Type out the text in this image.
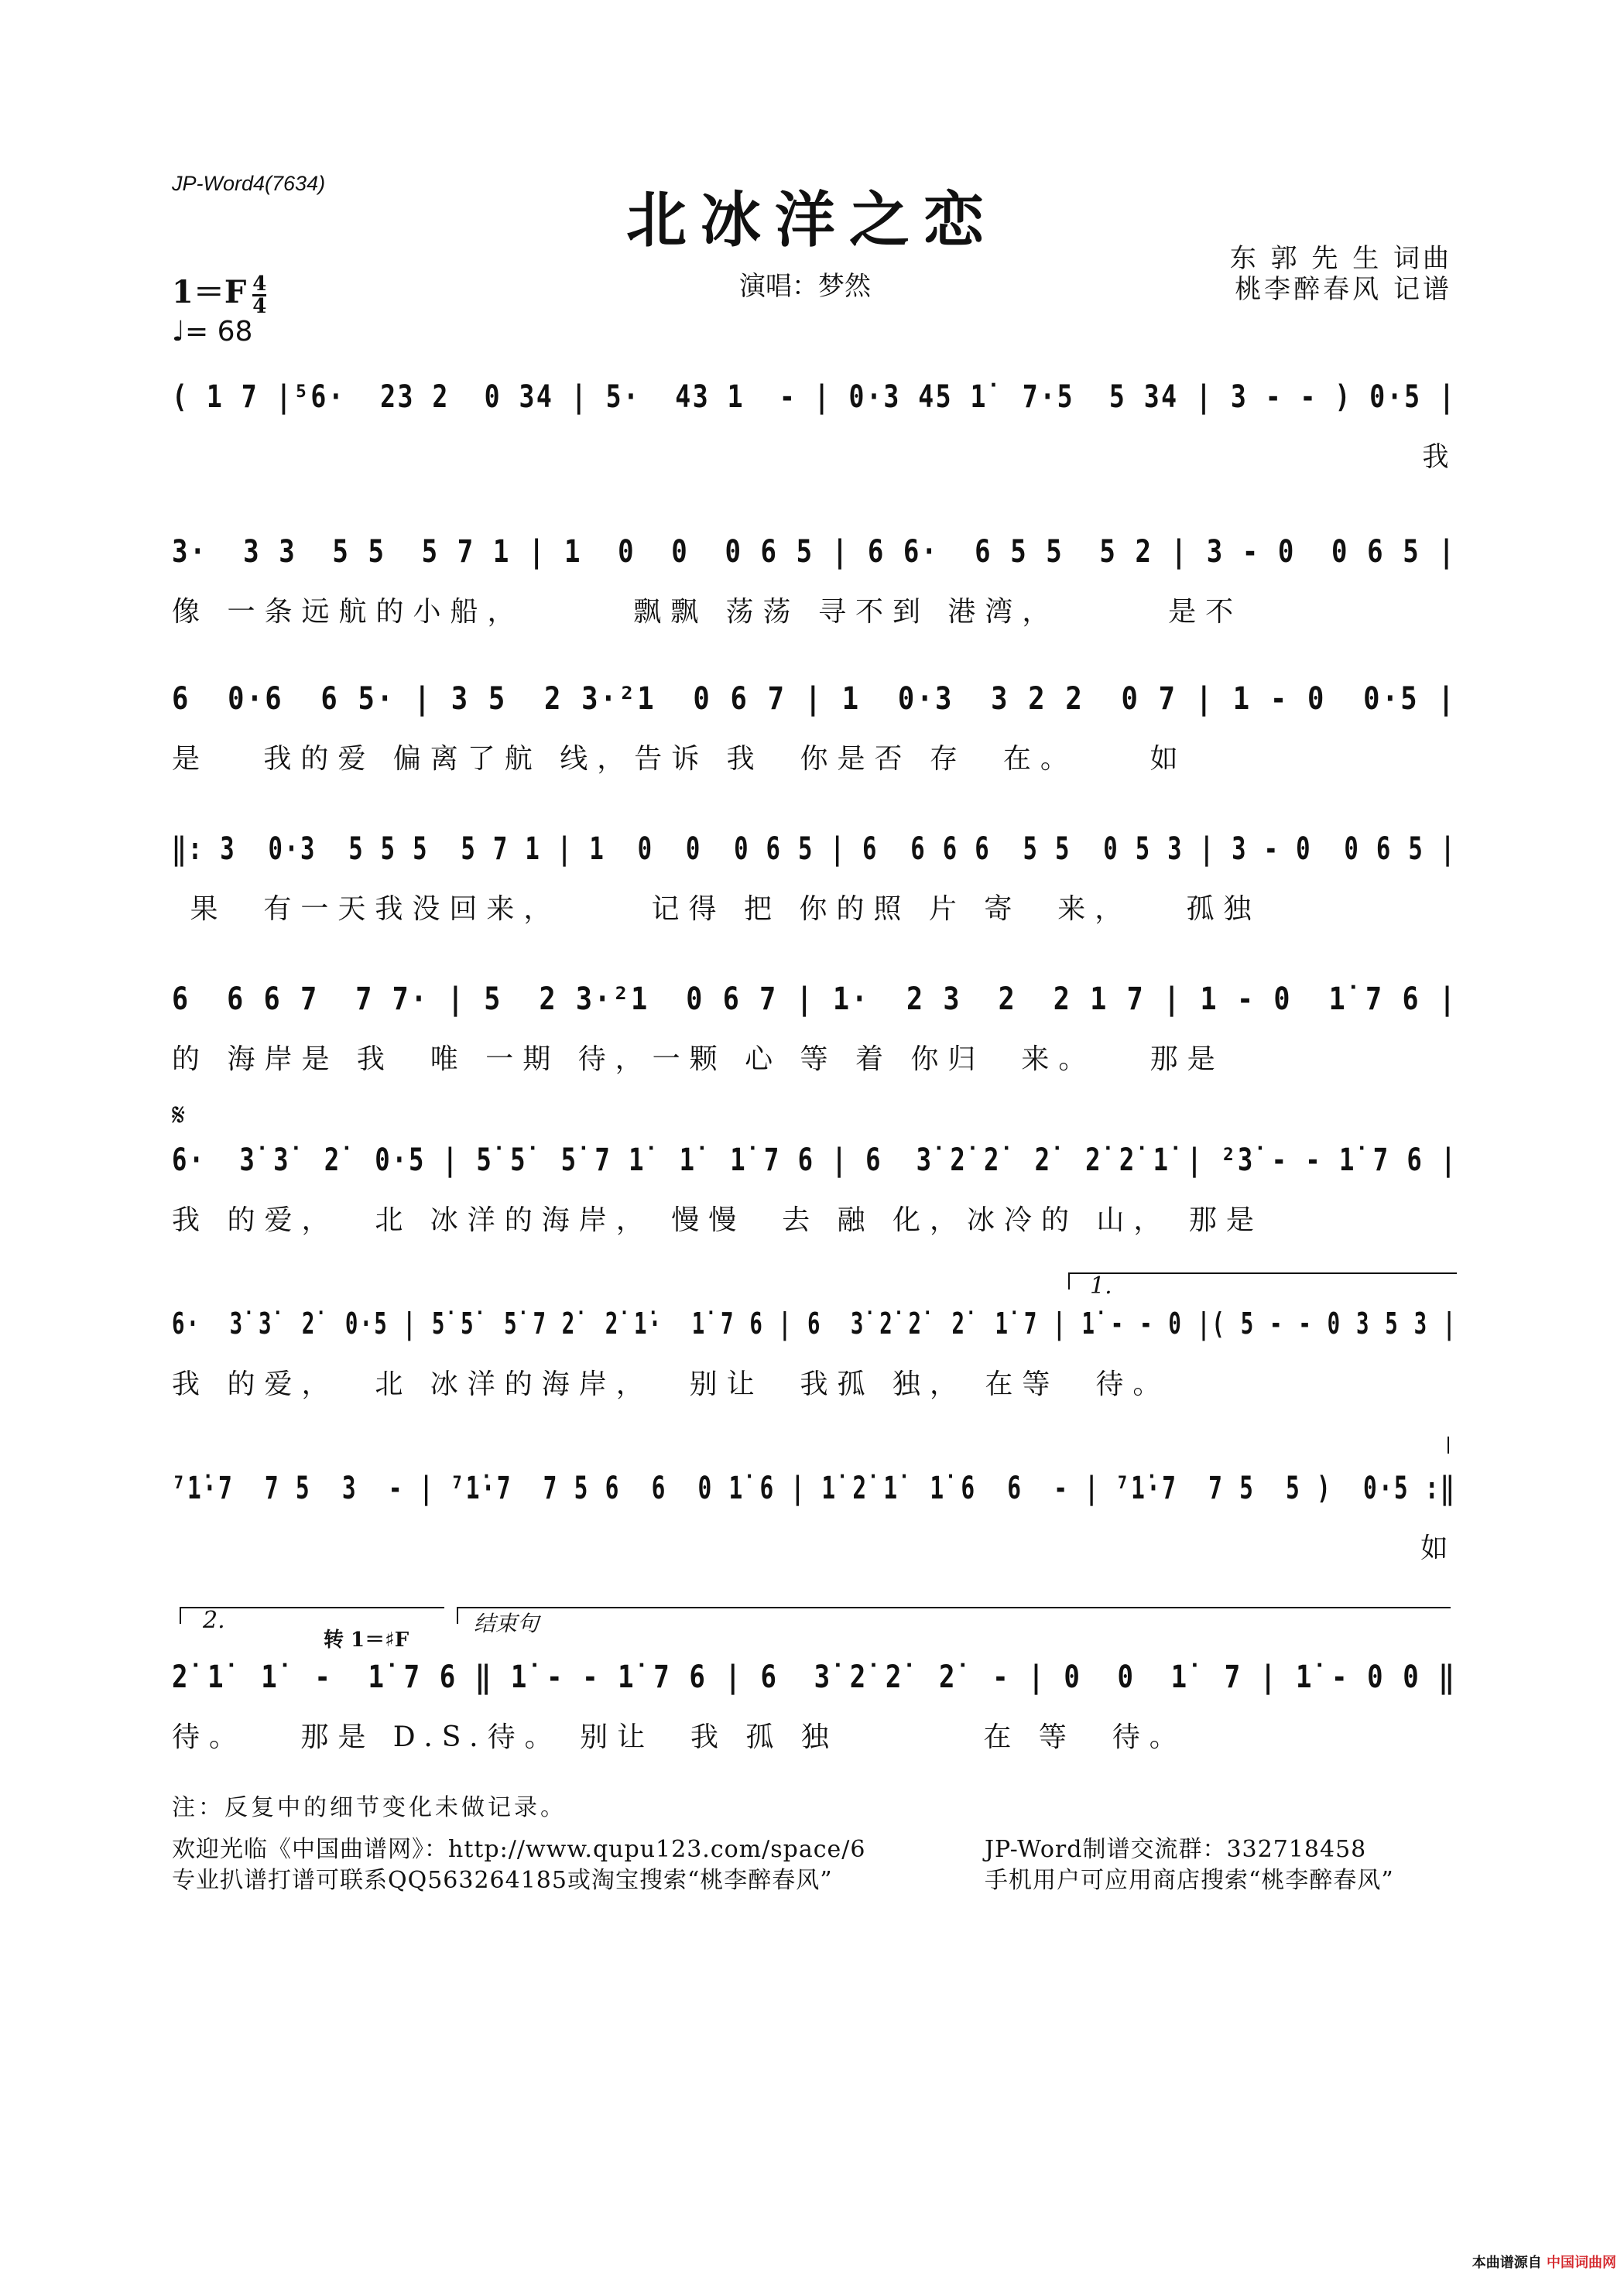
JP-Word4(7634)
北冰洋之恋
东 郭 先 生 词曲
桃李醉春风 记谱
$1=F \frac{4}{4}$	演唱：梦然
♩= 68
( 1 7 |⁵6·  23 2  0 34 | 5·  43 1  - | 0·3 45 1̇  7·5  5 34 | 3 - - ) 0·5 |
我
3·  3 3  5 5  5 7 1 | 1  0  0  0 6 5 | 6 6·  6 5 5  5 2 | 3 - 0  0 6 5 |
像 一条远航的小船，      飘飘 荡荡 寻不到 港湾，      是不
6  0·6  6 5· | 3 5  2 3·²1  0 6 7 | 1  0·3  3 2 2  0 7 | 1 - 0  0·5 |
是   我的爱 偏离了航 线，告诉 我  你是否 存  在。    如
‖: 3  0·3  5 5 5  5 7 1 | 1  0  0  0 6 5 | 6  6 6 6  5 5  0 5 3 | 3 - 0  0 6 5 |
果  有一天我没回来，     记得 把 你的照 片 寄  来，   孤独
6  6 6 7  7 7· | 5  2 3·²1  0 6 7 | 1·  2 3  2  2 1 7 | 1 - 0  1̇ 7 6 |
的 海岸是 我  唯 一期 待，一颗 心 等 着 你归  来。   那是
𝄋
6·  3̇ 3̇  2̇  0·5 | 5̇ 5̇  5̇ 7 1̇  1̇  1̇ 7 6 | 6  3̇ 2̇ 2̇  2̇  2̇ 2̇ 1̇ | ²3̇ - - 1̇ 7 6 |
我 的爱，  北 冰洋的海岸， 慢慢  去 融 化，冰冷的 山， 那是
1.
6·  3̇ 3̇  2̇  0·5 | 5̇ 5̇  5̇ 7 2̇  2̇ 1̇·  1̇ 7 6 | 6  3̇ 2̇ 2̇  2̇  1̇ 7 | 1̇ - - 0 |( 5 - - 0 3 5 3 |
我 的爱，  北 冰洋的海岸，  别让  我孤 独， 在等  待。
⁷1̇·7  7 5  3  - | ⁷1̇·7  7 5 6  6  0 1̇ 6 | 1̇ 2̇ 1̇  1̇ 6  6  - | ⁷1̇·7  7 5  5 )  0·5 :‖
如
2.
转 1＝♯F
结束句
2̇ 1̇  1̇  -  1̇ 7 6 ‖ 1̇ - - 1̇ 7 6 | 6  3̇ 2̇ 2̇  2̇  - | 0  0  1̇  7 | 1̇ - 0 0 ‖
待。   那是 D.S.待。 别让  我 孤 独        在 等  待。
注：反复中的细节变化未做记录。
欢迎光临《中国曲谱网》：http://www.qupu123.com/space/6	JP-Word制谱交流群：332718458
专业扒谱打谱可联系QQ563264185或淘宝搜索“桃李醉春风”	手机用户可应用商店搜索“桃李醉春风”
本曲谱源自 中国词曲网
